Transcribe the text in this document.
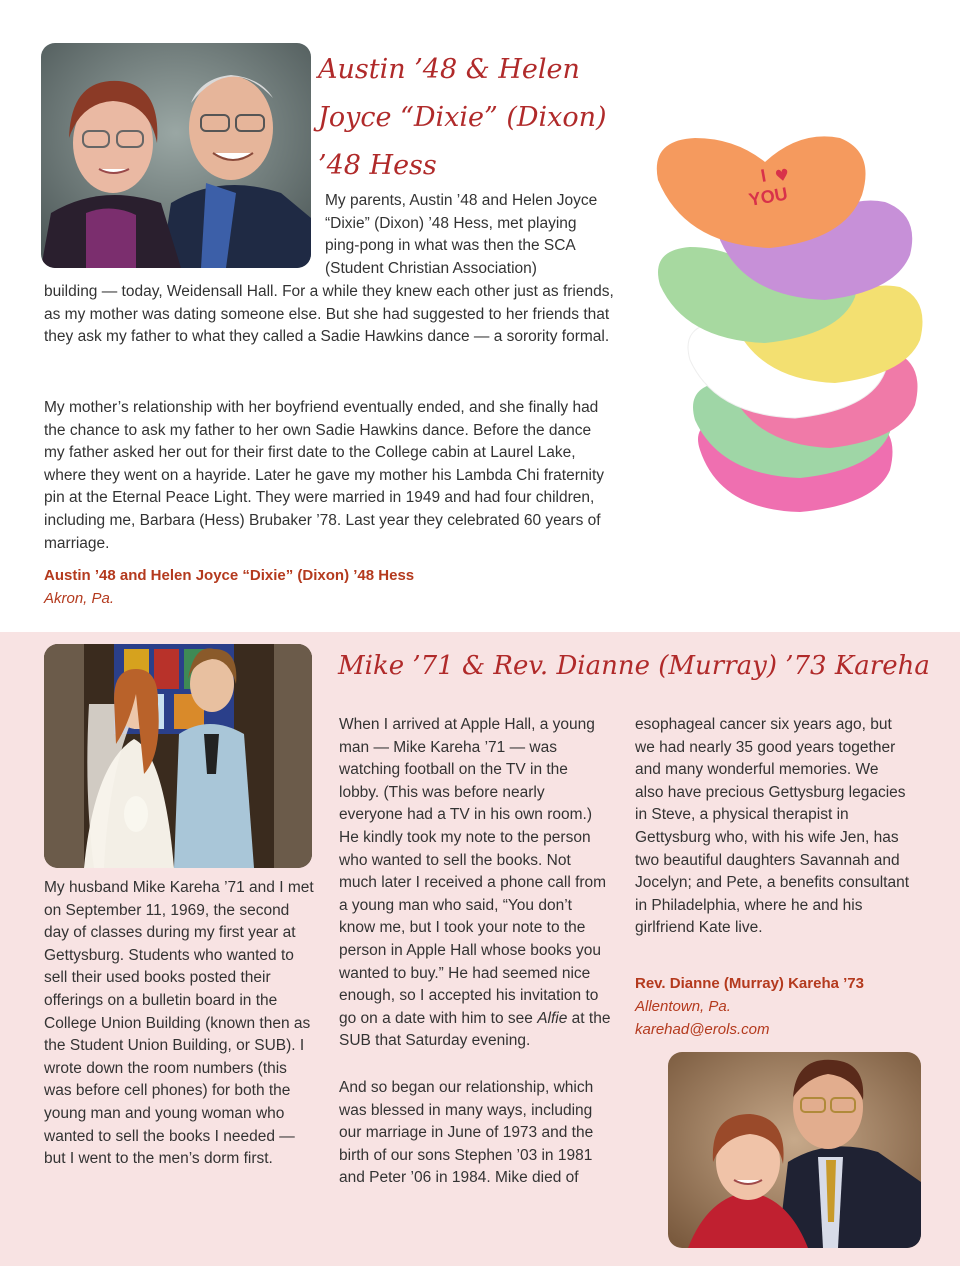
Austin ’48 & Helen
Joyce “Dixie” (Dixon)
’48 Hess

My parents, Austin ’48 and Helen Joyce “Dixie” (Dixon) ’48 Hess, met playing ping-pong in what was then the SCA (Student Christian Association)

building — today, Weidensall Hall. For a while they knew each other just as friends, as my mother was dating someone else. But she had suggested to her friends that they ask my father to what they called a Sadie Hawkins dance — a sorority formal.

My mother’s relationship with her boyfriend eventually ended, and she finally had the chance to ask my father to her own Sadie Hawkins dance. Before the dance my father asked her out for their first date to the College cabin at Laurel Lake, where they went on a hayride. Later he gave my mother his Lambda Chi fraternity pin at the Eternal Peace Light. They were married in 1949 and had four children, including me, Barbara (Hess) Brubaker ’78. Last year they celebrated 60 years of marriage.

Austin ’48 and Helen Joyce “Dixie” (Dixon) ’48 Hess
Akron, Pa.
I ♥
YOU
Mike ’71 & Rev. Dianne (Murray) ’73 Kareha

My husband Mike Kareha ’71 and I met on September 11, 1969, the second day of classes during my first year at Gettysburg. Students who wanted to sell their used books posted their offerings on a bulletin board in the College Union Building (known then as the Student Union Building, or SUB). I wrote down the room numbers (this was before cell phones) for both the young man and young woman who wanted to sell the books I needed — but I went to the men’s dorm first.

When I arrived at Apple Hall, a young man — Mike Kareha ’71 — was watching football on the TV in the lobby. (This was before nearly everyone had a TV in his own room.) He kindly took my note to the person who wanted to sell the books. Not much later I received a phone call from a young man who said, “You don’t know me, but I took your note to the person in Apple Hall whose books you wanted to buy.” He had seemed nice enough, so I accepted his invitation to go on a date with him to see Alfie at the SUB that Saturday evening.

And so began our relationship, which was blessed in many ways, including our marriage in June of 1973 and the birth of our sons Stephen ’03 in 1981 and Peter ’06 in 1984. Mike died of

esophageal cancer six years ago, but we had nearly 35 good years together and many wonderful memories. We also have precious Gettysburg legacies in Steve, a physical therapist in Gettysburg who, with his wife Jen, has two beautiful daughters Savannah and Jocelyn; and Pete, a benefits consultant in Philadelphia, where he and his girlfriend Kate live.

Rev. Dianne (Murray) Kareha ’73
Allentown, Pa.
karehad@erols.com
